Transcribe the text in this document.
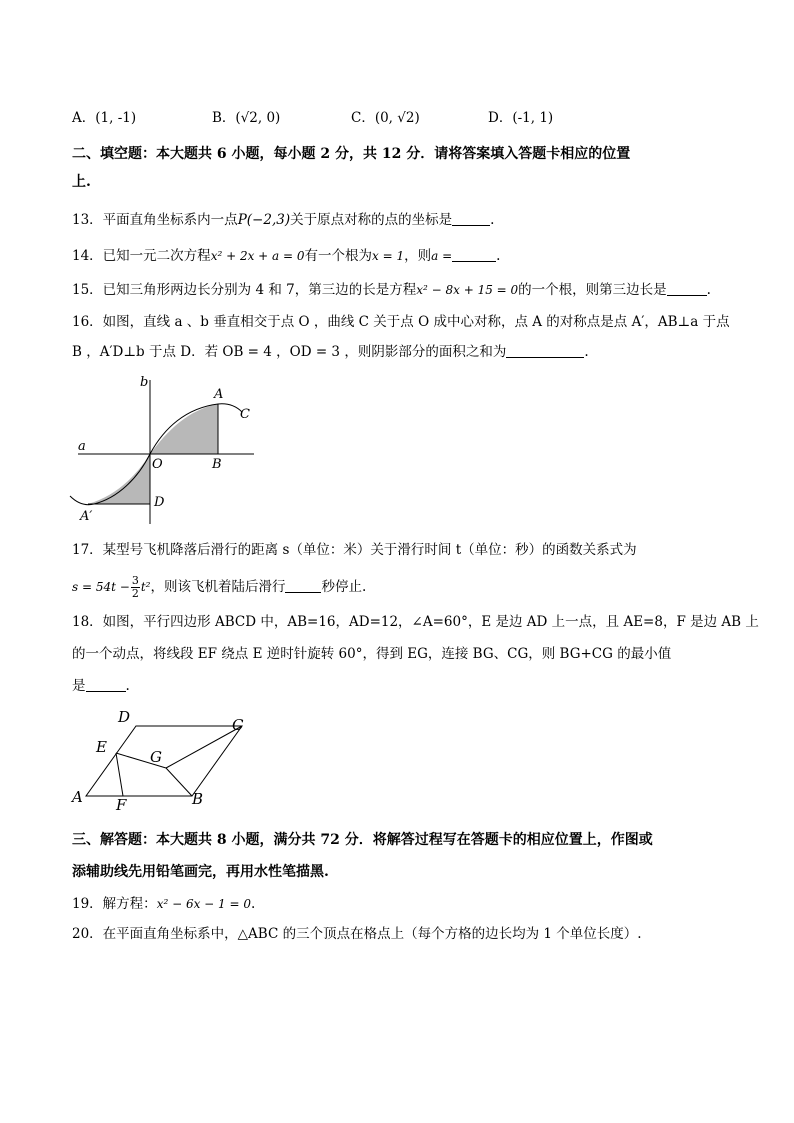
A．(1, -1)	B．(√2, 0)	C．(0, √2)	D．(-1, 1)
二、填空题：本大题共 6 小题，每小题 2 分，共 12 分．请将答案填入答题卡相应的位置
上.
13．平面直角坐标系内一点P(−2,3)关于原点对称的点的坐标是	.
14．已知一元二次方程x² + 2x + a = 0有一个根为x = 1，则a =	.
15．已知三角形两边长分别为 4 和 7，第三边的长是方程x² − 8x + 15 = 0的一个根，则第三边长是	.
16．如图，直线 a 、b 垂直相交于点 O ，曲线 C 关于点 O 成中心对称，点 A 的对称点是点 A′，AB⊥a 于点
B ，A′D⊥b 于点 D．若 OB = 4 ，OD = 3 ，则阴影部分的面积之和为	.
b
a
A
C
O	B
D
A′
17．某型号飞机降落后滑行的距离 s（单位：米）关于滑行时间 t（单位：秒）的函数关系式为
$s = 54t - \frac{3}{2} t^2$，则该飞机着陆后滑行	秒停止.
18．如图，平行四边形 ABCD 中，AB=16，AD=12，∠A=60°，E 是边 AD 上一点，且 AE=8，F 是边 AB 上
的一个动点，将线段 EF 绕点 E 逆时针旋转 60°，得到 EG，连接 BG、CG，则 BG+CG 的最小值
是	.
D	C
E
G
A F	B
三、解答题：本大题共 8 小题，满分共 72 分．将解答过程写在答题卡的相应位置上，作图或
添辅助线先用铅笔画完，再用水性笔描黑.
19．解方程：x² − 6x − 1 = 0.
20．在平面直角坐标系中，△ABC 的三个顶点在格点上（每个方格的边长均为 1 个单位长度）.
